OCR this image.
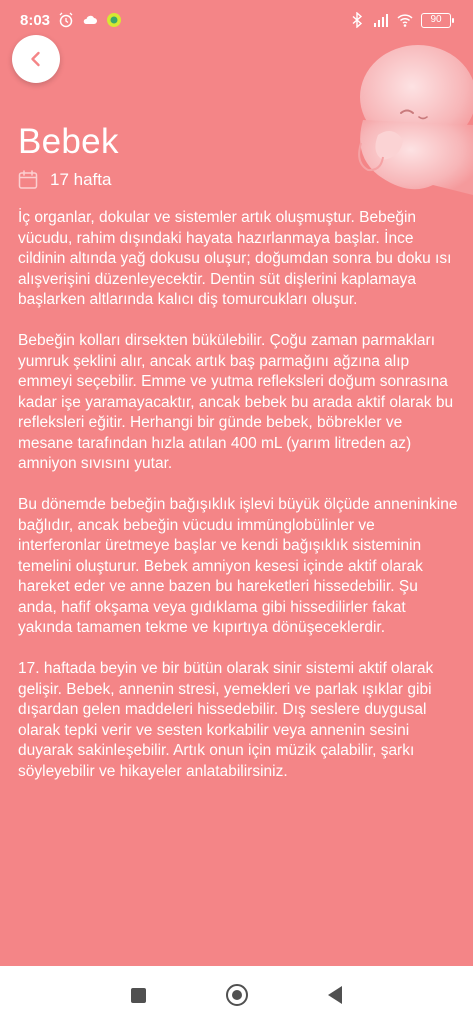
8:03	90
Bebek
17 hafta

İç organlar, dokular ve sistemler artık oluşmuştur. Bebeğin vücudu, rahim dışındaki hayata hazırlanmaya başlar. İnce cildinin altında yağ dokusu oluşur; doğumdan sonra bu doku ısı alışverişini düzenleyecektir. Dentin süt dişlerini kaplamaya başlarken altlarında kalıcı diş tomurcukları oluşur.

Bebeğin kolları dirsekten bükülebilir. Çoğu zaman parmakları yumruk şeklini alır, ancak artık baş parmağını ağzına alıp emmeyi seçebilir. Emme ve yutma refleksleri doğum sonrasına kadar işe yaramayacaktır, ancak bebek bu arada aktif olarak bu refleksleri eğitir. Herhangi bir günde bebek, böbrekler ve mesane tarafından hızla atılan 400 mL (yarım litreden az) amniyon sıvısını yutar.

Bu dönemde bebeğin bağışıklık işlevi büyük ölçüde anneninkine bağlıdır, ancak bebeğin vücudu immünglobülinler ve interferonlar üretmeye başlar ve kendi bağışıklık sisteminin temelini oluşturur. Bebek amniyon kesesi içinde aktif olarak hareket eder ve anne bazen bu hareketleri hissedebilir. Şu anda, hafif okşama veya gıdıklama gibi hissedilirler fakat yakında tamamen tekme ve kıpırtıya dönüşeceklerdir.

17. haftada beyin ve bir bütün olarak sinir sistemi aktif olarak gelişir. Bebek, annenin stresi, yemekleri ve parlak ışıklar gibi dışardan gelen maddeleri hissedebilir. Dış seslere duygusal olarak tepki verir ve sesten korkabilir veya annenin sesini duyarak sakinleşebilir. Artık onun için müzik çalabilir, şarkı söyleyebilir ve hikayeler anlatabilirsiniz.
